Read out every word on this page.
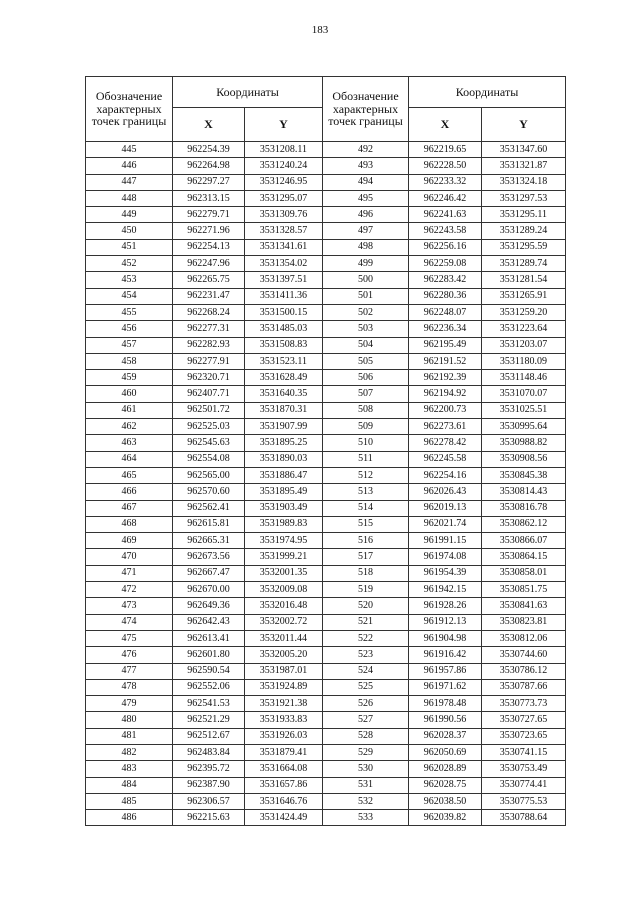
183
Обозначение характерных точек границы	Координаты		Обозначение характерных точек границы	Координаты	
	X	Y		X	Y
445	962254.39	3531208.11	492	962219.65	3531347.60
446	962264.98	3531240.24	493	962228.50	3531321.87
447	962297.27	3531246.95	494	962233.32	3531324.18
448	962313.15	3531295.07	495	962246.42	3531297.53
449	962279.71	3531309.76	496	962241.63	3531295.11
450	962271.96	3531328.57	497	962243.58	3531289.24
451	962254.13	3531341.61	498	962256.16	3531295.59
452	962247.96	3531354.02	499	962259.08	3531289.74
453	962265.75	3531397.51	500	962283.42	3531281.54
454	962231.47	3531411.36	501	962280.36	3531265.91
455	962268.24	3531500.15	502	962248.07	3531259.20
456	962277.31	3531485.03	503	962236.34	3531223.64
457	962282.93	3531508.83	504	962195.49	3531203.07
458	962277.91	3531523.11	505	962191.52	3531180.09
459	962320.71	3531628.49	506	962192.39	3531148.46
460	962407.71	3531640.35	507	962194.92	3531070.07
461	962501.72	3531870.31	508	962200.73	3531025.51
462	962525.03	3531907.99	509	962273.61	3530995.64
463	962545.63	3531895.25	510	962278.42	3530988.82
464	962554.08	3531890.03	511	962245.58	3530908.56
465	962565.00	3531886.47	512	962254.16	3530845.38
466	962570.60	3531895.49	513	962026.43	3530814.43
467	962562.41	3531903.49	514	962019.13	3530816.78
468	962615.81	3531989.83	515	962021.74	3530862.12
469	962665.31	3531974.95	516	961991.15	3530866.07
470	962673.56	3531999.21	517	961974.08	3530864.15
471	962667.47	3532001.35	518	961954.39	3530858.01
472	962670.00	3532009.08	519	961942.15	3530851.75
473	962649.36	3532016.48	520	961928.26	3530841.63
474	962642.43	3532002.72	521	961912.13	3530823.81
475	962613.41	3532011.44	522	961904.98	3530812.06
476	962601.80	3532005.20	523	961916.42	3530744.60
477	962590.54	3531987.01	524	961957.86	3530786.12
478	962552.06	3531924.89	525	961971.62	3530787.66
479	962541.53	3531921.38	526	961978.48	3530773.73
480	962521.29	3531933.83	527	961990.56	3530727.65
481	962512.67	3531926.03	528	962028.37	3530723.65
482	962483.84	3531879.41	529	962050.69	3530741.15
483	962395.72	3531664.08	530	962028.89	3530753.49
484	962387.90	3531657.86	531	962028.75	3530774.41
485	962306.57	3531646.76	532	962038.50	3530775.53
486	962215.63	3531424.49	533	962039.82	3530788.64
